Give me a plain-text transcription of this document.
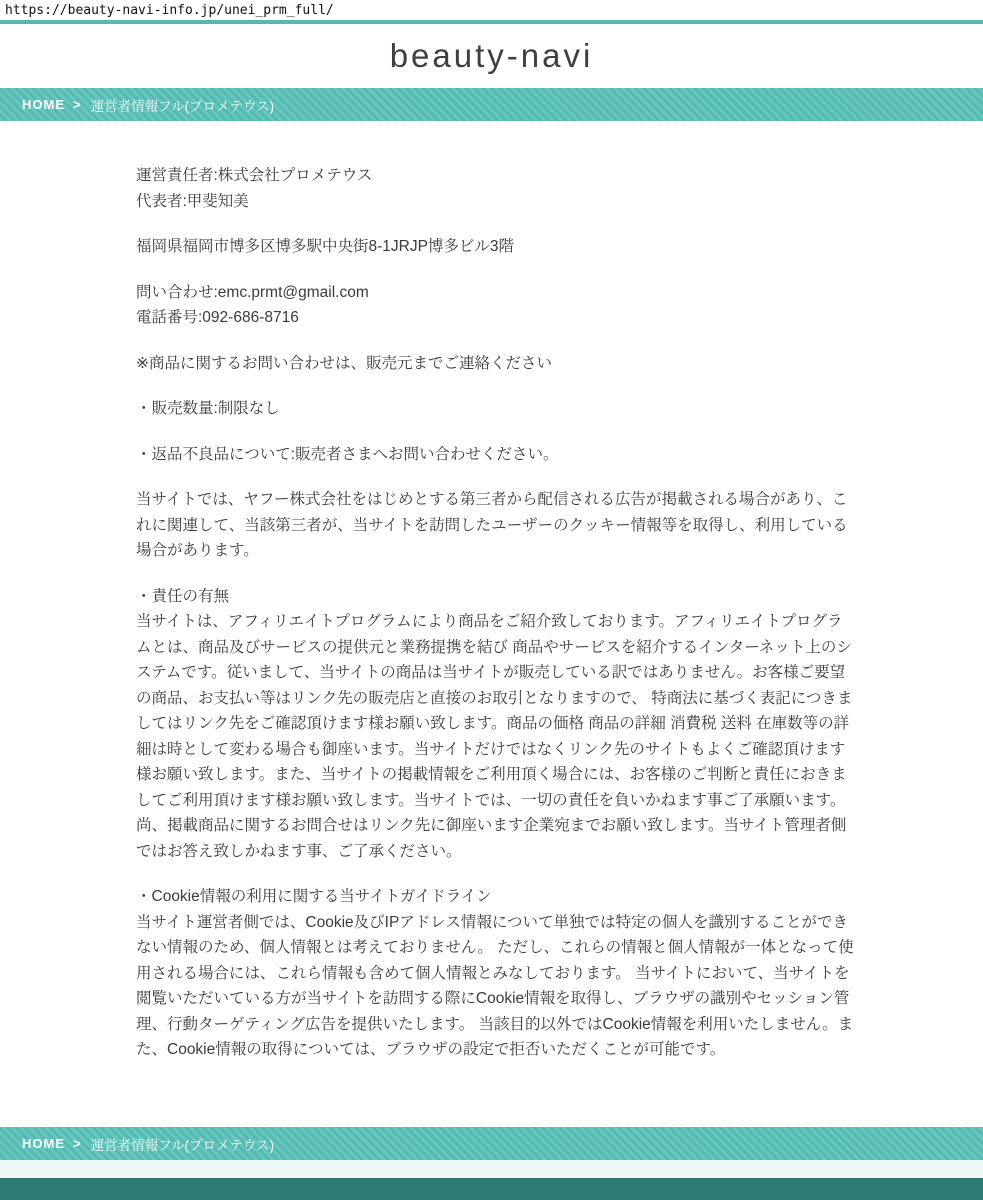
https://beauty-navi-info.jp/unei_prm_full/
beauty-navi
HOME > 運営者情報フル(プロメテウス)

運営責任者:株式会社プロメテウス
代表者:甲斐知美

福岡県福岡市博多区博多駅中央街8-1JRJP博多ビル3階

問い合わせ:emc.prmt@gmail.com
電話番号:092-686-8716

※商品に関するお問い合わせは、販売元までご連絡ください

・販売数量:制限なし

・返品不良品について:販売者さまへお問い合わせください。

当サイトでは、ヤフー株式会社をはじめとする第三者から配信される広告が掲載される場合があり、これに関連して、当該第三者が、当サイトを訪問したユーザーのクッキー情報等を取得し、利用している場合があります。

・責任の有無
当サイトは、アフィリエイトプログラムにより商品をご紹介致しております。アフィリエイトプログラムとは、商品及びサービスの提供元と業務提携を結び 商品やサービスを紹介するインターネット上のシステムです。従いまして、当サイトの商品は当サイトが販売している訳ではありません。お客様ご要望の商品、お支払い等はリンク先の販売店と直接のお取引となりますので、 特商法に基づく表記につきましてはリンク先をご確認頂けます様お願い致します。商品の価格 商品の詳細 消費税 送料 在庫数等の詳細は時として変わる場合も御座います。当サイトだけではなくリンク先のサイトもよくご確認頂けます様お願い致します。また、当サイトの掲載情報をご利用頂く場合には、お客様のご判断と責任におきましてご利用頂けます様お願い致します。当サイトでは、一切の責任を負いかねます事ご了承願います。尚、掲載商品に関するお問合せはリンク先に御座います企業宛までお願い致します。当サイト管理者側ではお答え致しかねます事、ご了承ください。

・Cookie情報の利用に関する当サイトガイドライン
当サイト運営者側では、Cookie及びIPアドレス情報について単独では特定の個人を識別することができない情報のため、個人情報とは考えておりません。 ただし、これらの情報と個人情報が一体となって使用される場合には、これら情報も含めて個人情報とみなしております。 当サイトにおいて、当サイトを閲覧いただいている方が当サイトを訪問する際にCookie情報を取得し、ブラウザの識別やセッション管理、行動ターゲティング広告を提供いたします。 当該目的以外ではCookie情報を利用いたしません。また、Cookie情報の取得については、ブラウザの設定で拒否いただくことが可能です。

HOME > 運営者情報フル(プロメテウス)
